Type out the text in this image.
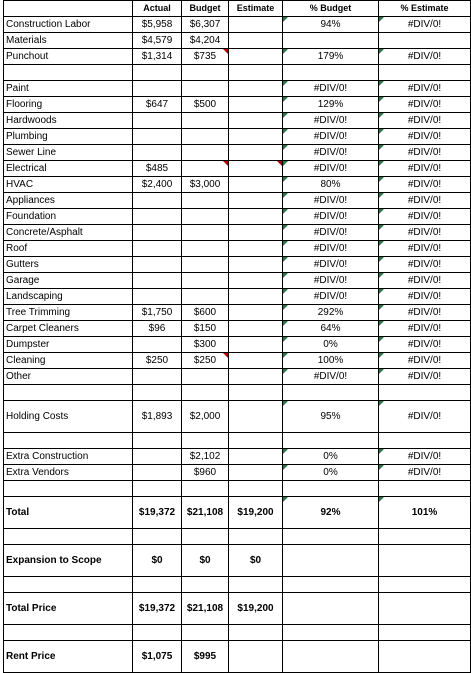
	Actual	Budget	Estimate	% Budget	% Estimate
Construction Labor	$5,958	$6,307		94%	#DIV/0!
Materials	$4,579	$4,204			
Punchout	$1,314	$735		179%	#DIV/0!

Paint				#DIV/0!	#DIV/0!
Flooring	$647	$500		129%	#DIV/0!
Hardwoods				#DIV/0!	#DIV/0!
Plumbing				#DIV/0!	#DIV/0!
Sewer Line				#DIV/0!	#DIV/0!
Electrical	$485			#DIV/0!	#DIV/0!
HVAC	$2,400	$3,000		80%	#DIV/0!
Appliances				#DIV/0!	#DIV/0!
Foundation				#DIV/0!	#DIV/0!
Concrete/Asphalt				#DIV/0!	#DIV/0!
Roof				#DIV/0!	#DIV/0!
Gutters				#DIV/0!	#DIV/0!
Garage				#DIV/0!	#DIV/0!
Landscaping				#DIV/0!	#DIV/0!
Tree Trimming	$1,750	$600		292%	#DIV/0!
Carpet Cleaners	$96	$150		64%	#DIV/0!
Dumpster		$300		0%	#DIV/0!
Cleaning	$250	$250		100%	#DIV/0!
Other				#DIV/0!	#DIV/0!

Holding Costs	$1,893	$2,000		95%	#DIV/0!

Extra Construction		$2,102		0%	#DIV/0!
Extra Vendors		$960		0%	#DIV/0!

Total	$19,372	$21,108	$19,200	92%	101%

Expansion to Scope	$0	$0	$0		

Total Price	$19,372	$21,108	$19,200		

Rent Price	$1,075	$995			
